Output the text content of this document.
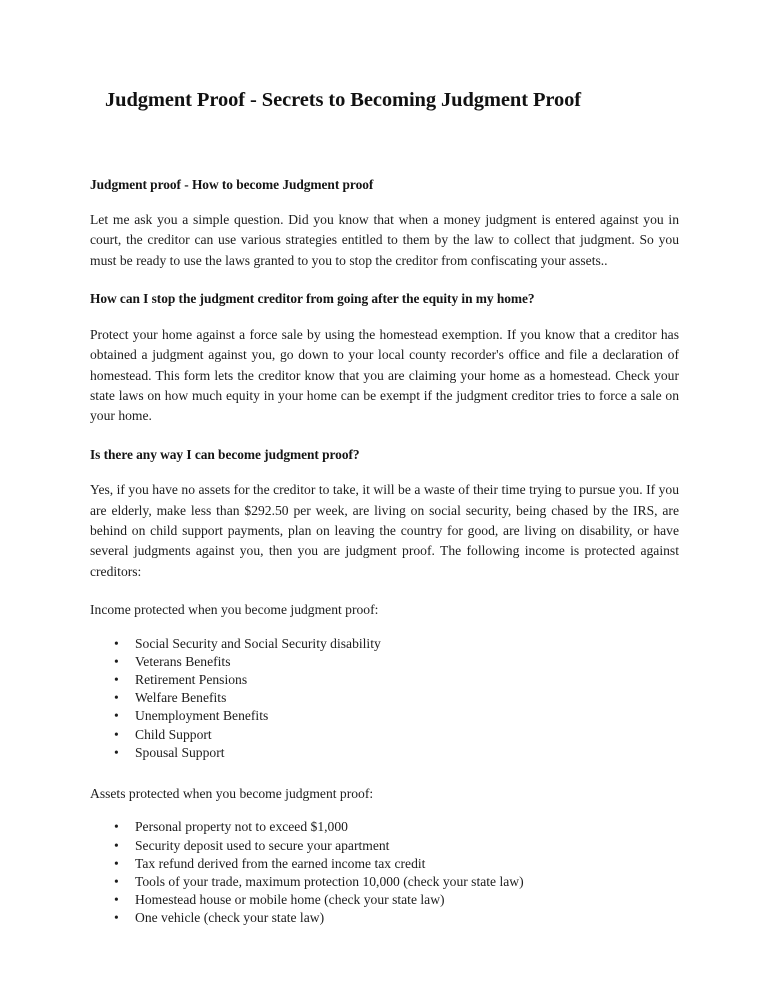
Judgment Proof - Secrets to Becoming Judgment Proof
Judgment proof - How to become Judgment proof

Let me ask you a simple question. Did you know that when a money judgment is entered against you in court, the creditor can use various strategies entitled to them by the law to collect that judgment. So you must be ready to use the laws granted to you to stop the creditor from confiscating your assets..

How can I stop the judgment creditor from going after the equity in my home?

Protect your home against a force sale by using the homestead exemption. If you know that a creditor has obtained a judgment against you, go down to your local county recorder's office and file a declaration of homestead. This form lets the creditor know that you are claiming your home as a homestead. Check your state laws on how much equity in your home can be exempt if the judgment creditor tries to force a sale on your home.

Is there any way I can become judgment proof?

Yes, if you have no assets for the creditor to take, it will be a waste of their time trying to pursue you. If you are elderly, make less than $292.50 per week, are living on social security, being chased by the IRS, are behind on child support payments, plan on leaving the country for good, are living on disability, or have several judgments against you, then you are judgment proof. The following income is protected against creditors:

Income protected when you become judgment proof:

• Social Security and Social Security disability
• Veterans Benefits
• Retirement Pensions
• Welfare Benefits
• Unemployment Benefits
• Child Support
• Spousal Support

Assets protected when you become judgment proof:

• Personal property not to exceed $1,000
• Security deposit used to secure your apartment
• Tax refund derived from the earned income tax credit
• Tools of your trade, maximum protection 10,000 (check your state law)
• Homestead house or mobile home (check your state law)
• One vehicle (check your state law)
